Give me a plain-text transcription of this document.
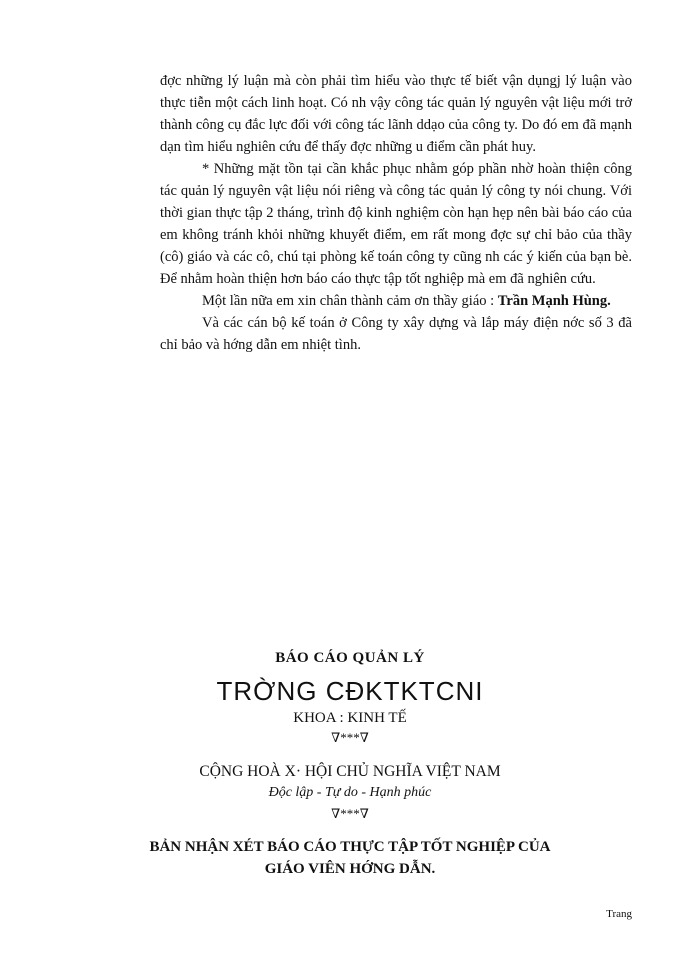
đợc những lý luận mà còn phải tìm hiểu vào thực tế biết vận dụngj lý luận vào thực tiễn một cách linh hoạt. Có nh vậy công tác quản lý nguyên vật liệu mới trở thành công cụ đắc lực đối với công tác lãnh ddạo của công ty. Do đó em đã mạnh dạn tìm hiểu nghiên cứu để thấy đợc những u điểm cần phát huy.

* Những mặt tồn tại cần khắc phục nhằm góp phần nhờ hoàn thiện công tác quản lý nguyên vật liệu nói riêng và công tác quản lý công ty nói chung. Với thời gian thực tập 2 tháng, trình độ kinh nghiệm còn hạn hẹp nên bài báo cáo của em không tránh khỏi những khuyết điểm, em rất mong đợc sự chỉ bảo của thầy (cô) giáo và các cô, chú tại phòng kế toán công ty cũng nh các ý kiến của bạn bè. Để nhằm hoàn thiện hơn báo cáo thực tập tốt nghiệp mà em đã nghiên cứu.

Một lần nữa em xin chân thành cảm ơn thầy giáo : Trần Mạnh Hùng.

Và các cán bộ kế toán ở Công ty xây dựng và lắp máy điện nớc số 3 đã chỉ bảo và hớng dẫn em nhiệt tình.

BÁO CÁO QUẢN LÝ
TRỜNG CĐKTKTCNI
KHOA : KINH TẾ
∇***∇
CỘNG HOÀ X· HỘI CHỦ NGHĨA VIỆT NAM
Độc lập - Tự do - Hạnh phúc
∇***∇
BẢN NHẬN XÉT BÁO CÁO THỰC TẬP TỐT NGHIỆP CỦA
GIÁO VIÊN HỚNG DẪN.
Trang
